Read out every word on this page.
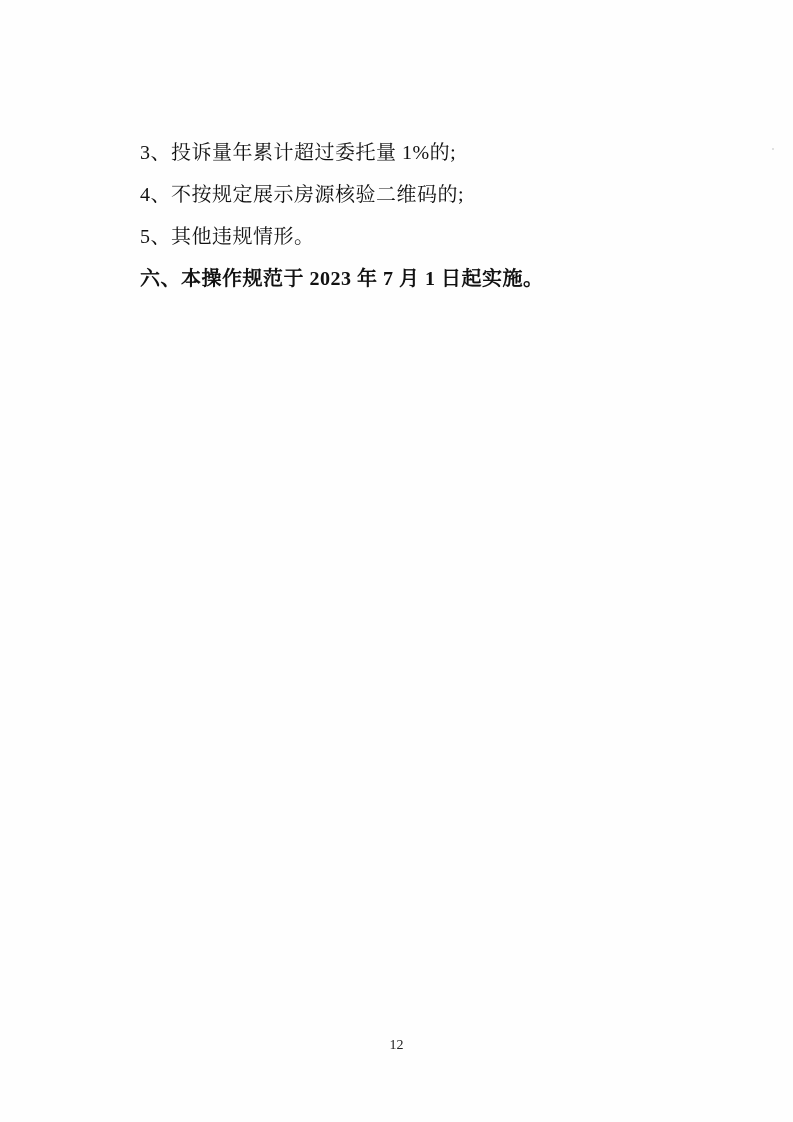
3、投诉量年累计超过委托量 1%的;
4、不按规定展示房源核验二维码的;
5、其他违规情形。
六、本操作规范于 2023 年 7 月 1 日起实施。
12
